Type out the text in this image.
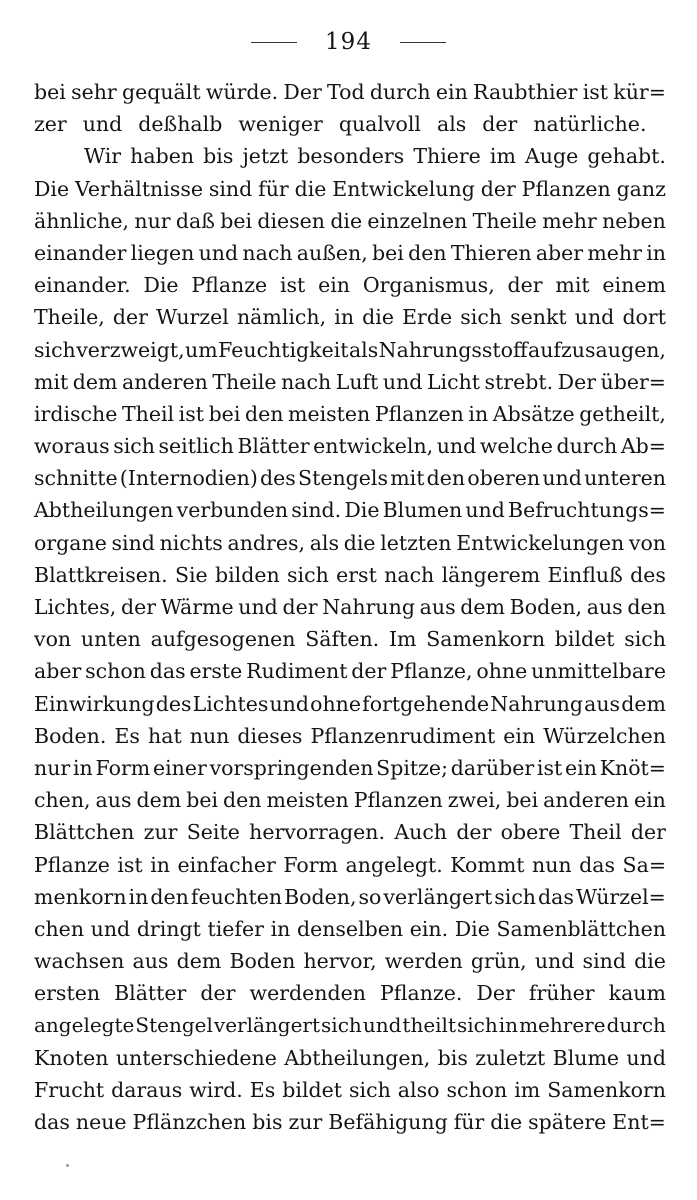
194
bei sehr gequält würde. Der Tod durch ein Raubthier ist kür=
zer und deßhalb weniger qualvoll als der natürliche.
Wir haben bis jetzt besonders Thiere im Auge gehabt.
Die Verhältnisse sind für die Entwickelung der Pflanzen ganz
ähnliche, nur daß bei diesen die einzelnen Theile mehr neben
einander liegen und nach außen, bei den Thieren aber mehr in
einander. Die Pflanze ist ein Organismus, der mit einem
Theile, der Wurzel nämlich, in die Erde sich senkt und dort
sich verzweigt, um Feuchtigkeit als Nahrungsstoff aufzusaugen,
mit dem anderen Theile nach Luft und Licht strebt. Der über=
irdische Theil ist bei den meisten Pflanzen in Absätze getheilt,
woraus sich seitlich Blätter entwickeln, und welche durch Ab=
schnitte (Internodien) des Stengels mit den oberen und unteren
Abtheilungen verbunden sind. Die Blumen und Befruchtungs=
organe sind nichts andres, als die letzten Entwickelungen von
Blattkreisen. Sie bilden sich erst nach längerem Einfluß des
Lichtes, der Wärme und der Nahrung aus dem Boden, aus den
von unten aufgesogenen Säften. Im Samenkorn bildet sich
aber schon das erste Rudiment der Pflanze, ohne unmittelbare
Einwirkung des Lichtes und ohne fortgehende Nahrung aus dem
Boden. Es hat nun dieses Pflanzenrudiment ein Würzelchen
nur in Form einer vorspringenden Spitze; darüber ist ein Knöt=
chen, aus dem bei den meisten Pflanzen zwei, bei anderen ein
Blättchen zur Seite hervorragen. Auch der obere Theil der
Pflanze ist in einfacher Form angelegt. Kommt nun das Sa=
menkorn in den feuchten Boden, so verlängert sich das Würzel=
chen und dringt tiefer in denselben ein. Die Samenblättchen
wachsen aus dem Boden hervor, werden grün, und sind die
ersten Blätter der werdenden Pflanze. Der früher kaum
angelegte Stengel verlängert sich und theilt sich in mehrere durch
Knoten unterschiedene Abtheilungen, bis zuletzt Blume und
Frucht daraus wird. Es bildet sich also schon im Samenkorn
das neue Pflänzchen bis zur Befähigung für die spätere Ent=
